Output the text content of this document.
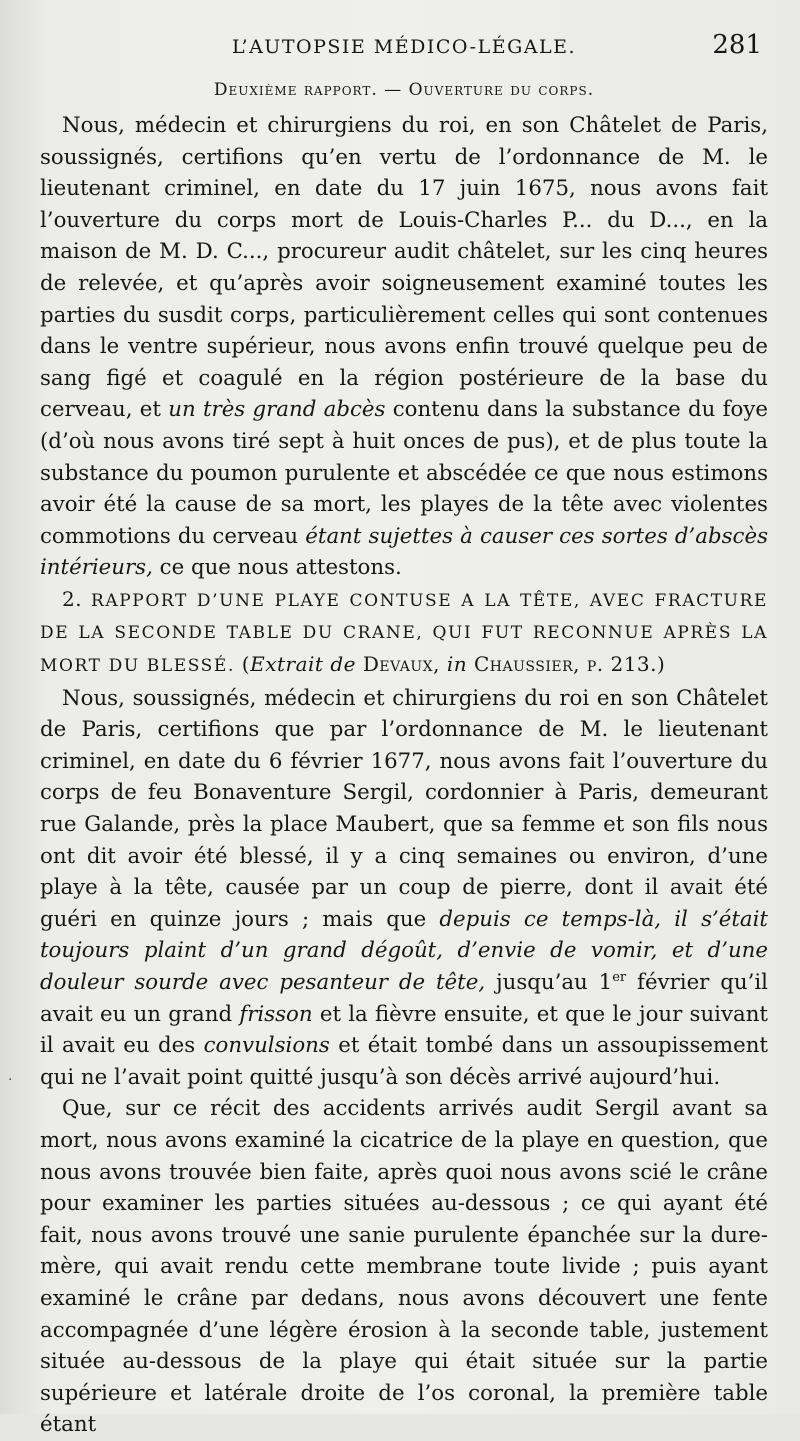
L’AUTOPSIE MÉDICO-LÉGALE.	281
Deuxième rapport. — Ouverture du corps.

Nous, médecin et chirurgiens du roi, en son Châtelet de Paris, soussignés, certifions qu’en vertu de l’ordonnance de M. le lieutenant criminel, en date du 17 juin 1675, nous avons fait l’ouverture du corps mort de Louis-Charles P... du D..., en la maison de M. D. C..., procureur audit châtelet, sur les cinq heures de relevée, et qu’après avoir soigneusement examiné toutes les parties du susdit corps, particulièrement celles qui sont contenues dans le ventre supérieur, nous avons enfin trouvé quelque peu de sang figé et coagulé en la région postérieure de la base du cerveau, et un très grand abcès contenu dans la substance du foye (d’où nous avons tiré sept à huit onces de pus), et de plus toute la substance du poumon purulente et abscédée ce que nous estimons avoir été la cause de sa mort, les playes de la tête avec violentes commotions du cerveau étant sujettes à causer ces sortes d’abscès intérieurs, ce que nous attestons.

2. RAPPORT D’UNE PLAYE CONTUSE A LA TÊTE, AVEC FRACTURE DE LA SECONDE TABLE DU CRANE, QUI FUT RECONNUE APRÈS LA MORT DU BLESSÉ. (Extrait de Devaux, in Chaussier, p. 213.)

Nous, soussignés, médecin et chirurgiens du roi en son Châtelet de Paris, certifions que par l’ordonnance de M. le lieutenant criminel, en date du 6 février 1677, nous avons fait l’ouverture du corps de feu Bonaventure Sergil, cordonnier à Paris, demeurant rue Galande, près la place Maubert, que sa femme et son fils nous ont dit avoir été blessé, il y a cinq semaines ou environ, d’une playe à la tête, causée par un coup de pierre, dont il avait été guéri en quinze jours ; mais que depuis ce temps-là, il s’était toujours plaint d’un grand dégoût, d’envie de vomir, et d’une douleur sourde avec pesanteur de tête, jusqu’au 1er février qu’il avait eu un grand frisson et la fièvre ensuite, et que le jour suivant il avait eu des convulsions et était tombé dans un assoupissement qui ne l’avait point quitté jusqu’à son décès arrivé aujourd’hui.

Que, sur ce récit des accidents arrivés audit Sergil avant sa mort, nous avons examiné la cicatrice de la playe en question, que nous avons trouvée bien faite, après quoi nous avons scié le crâne pour examiner les parties situées au-dessous ; ce qui ayant été fait, nous avons trouvé une sanie purulente épanchée sur la dure-mère, qui avait rendu cette membrane toute livide ; puis ayant examiné le crâne par dedans, nous avons découvert une fente accompagnée d’une légère érosion à la seconde table, justement située au-dessous de la playe qui était située sur la partie supérieure et latérale droite de l’os coronal, la première table étant

.
